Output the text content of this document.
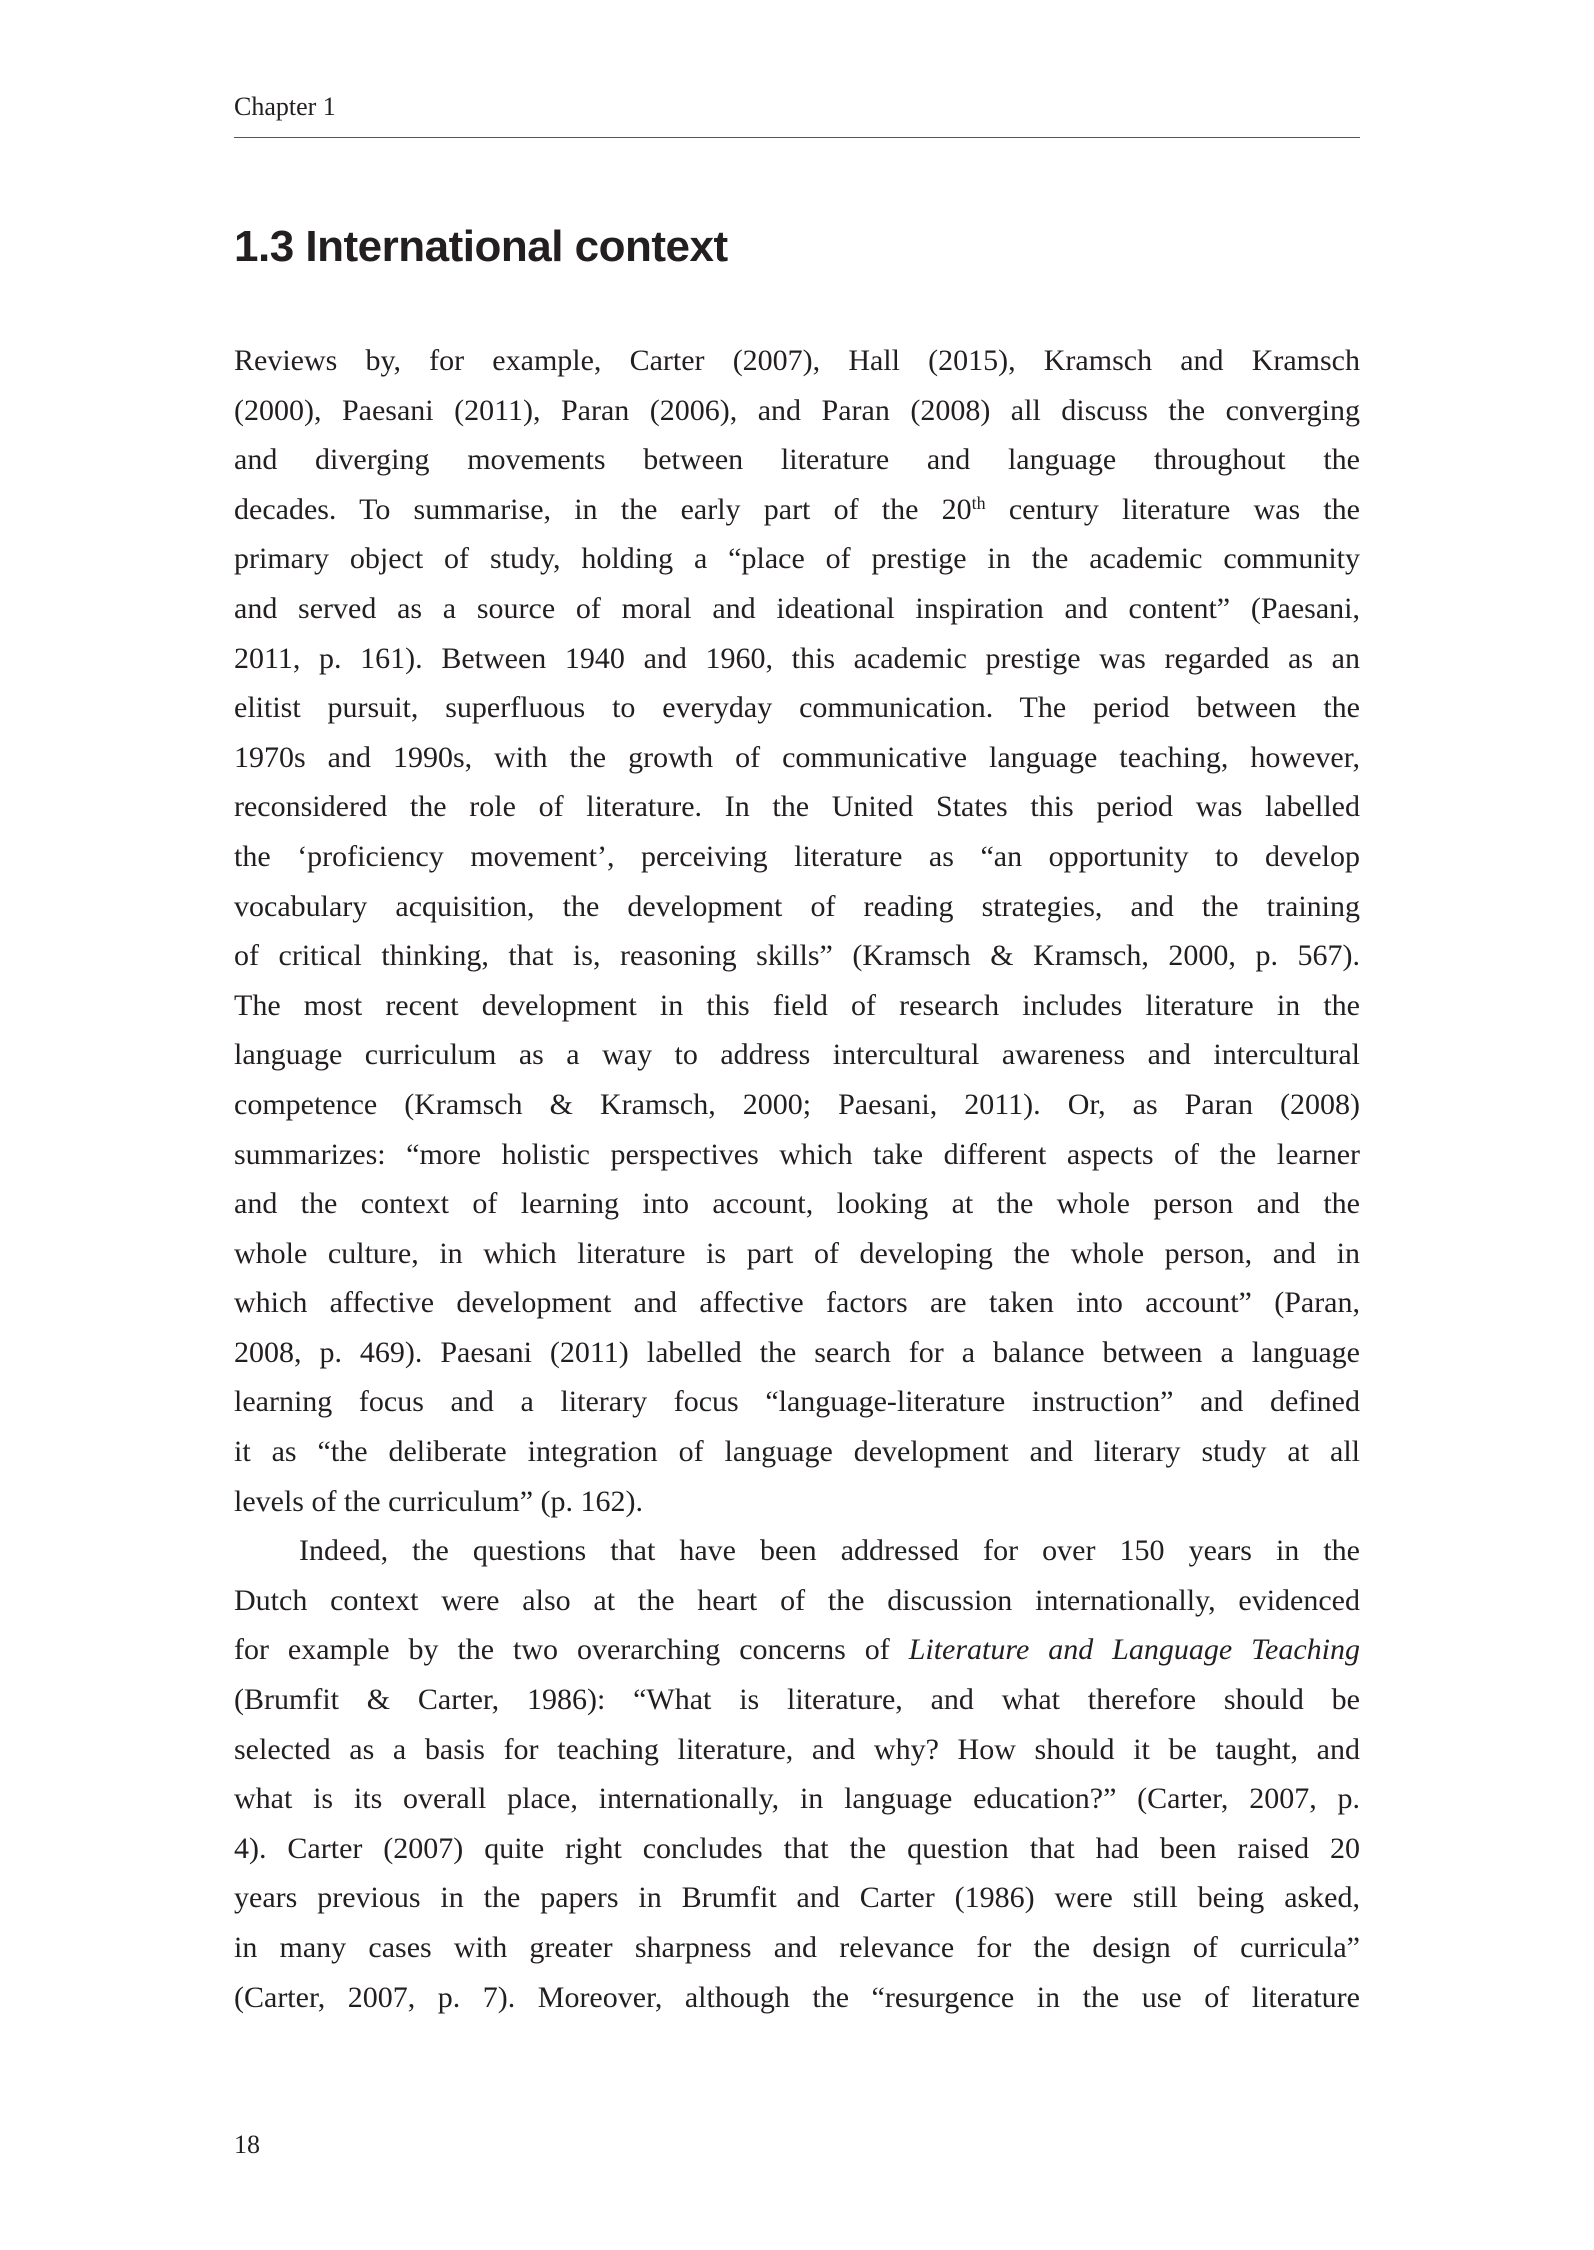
Chapter 1
1.3 International context
Reviews by, for example, Carter (2007), Hall (2015), Kramsch and Kramsch
(2000), Paesani (2011), Paran (2006), and Paran (2008) all discuss the converging
and diverging movements between literature and language throughout the
decades. To summarise, in the early part of the 20th century literature was the
primary object of study, holding a “place of prestige in the academic community
and served as a source of moral and ideational inspiration and content” (Paesani,
2011, p. 161). Between 1940 and 1960, this academic prestige was regarded as an
elitist pursuit, superfluous to everyday communication. The period between the
1970s and 1990s, with the growth of communicative language teaching, however,
reconsidered the role of literature. In the United States this period was labelled
the ‘proficiency movement’, perceiving literature as “an opportunity to develop
vocabulary acquisition, the development of reading strategies, and the training
of critical thinking, that is, reasoning skills” (Kramsch & Kramsch, 2000, p. 567).
The most recent development in this field of research includes literature in the
language curriculum as a way to address intercultural awareness and intercultural
competence (Kramsch & Kramsch, 2000; Paesani, 2011). Or, as Paran (2008)
summarizes: “more holistic perspectives which take different aspects of the learner
and the context of learning into account, looking at the whole person and the
whole culture, in which literature is part of developing the whole person, and in
which affective development and affective factors are taken into account” (Paran,
2008, p. 469). Paesani (2011) labelled the search for a balance between a language
learning focus and a literary focus “language-literature instruction” and defined
it as “the deliberate integration of language development and literary study at all
levels of the curriculum” (p. 162).
Indeed, the questions that have been addressed for over 150 years in the
Dutch context were also at the heart of the discussion internationally, evidenced
for example by the two overarching concerns of Literature and Language Teaching
(Brumfit & Carter, 1986): “What is literature, and what therefore should be
selected as a basis for teaching literature, and why? How should it be taught, and
what is its overall place, internationally, in language education?” (Carter, 2007, p.
4). Carter (2007) quite right concludes that the question that had been raised 20
years previous in the papers in Brumfit and Carter (1986) were still being asked,
in many cases with greater sharpness and relevance for the design of curricula”
(Carter, 2007, p. 7). Moreover, although the “resurgence in the use of literature
18
